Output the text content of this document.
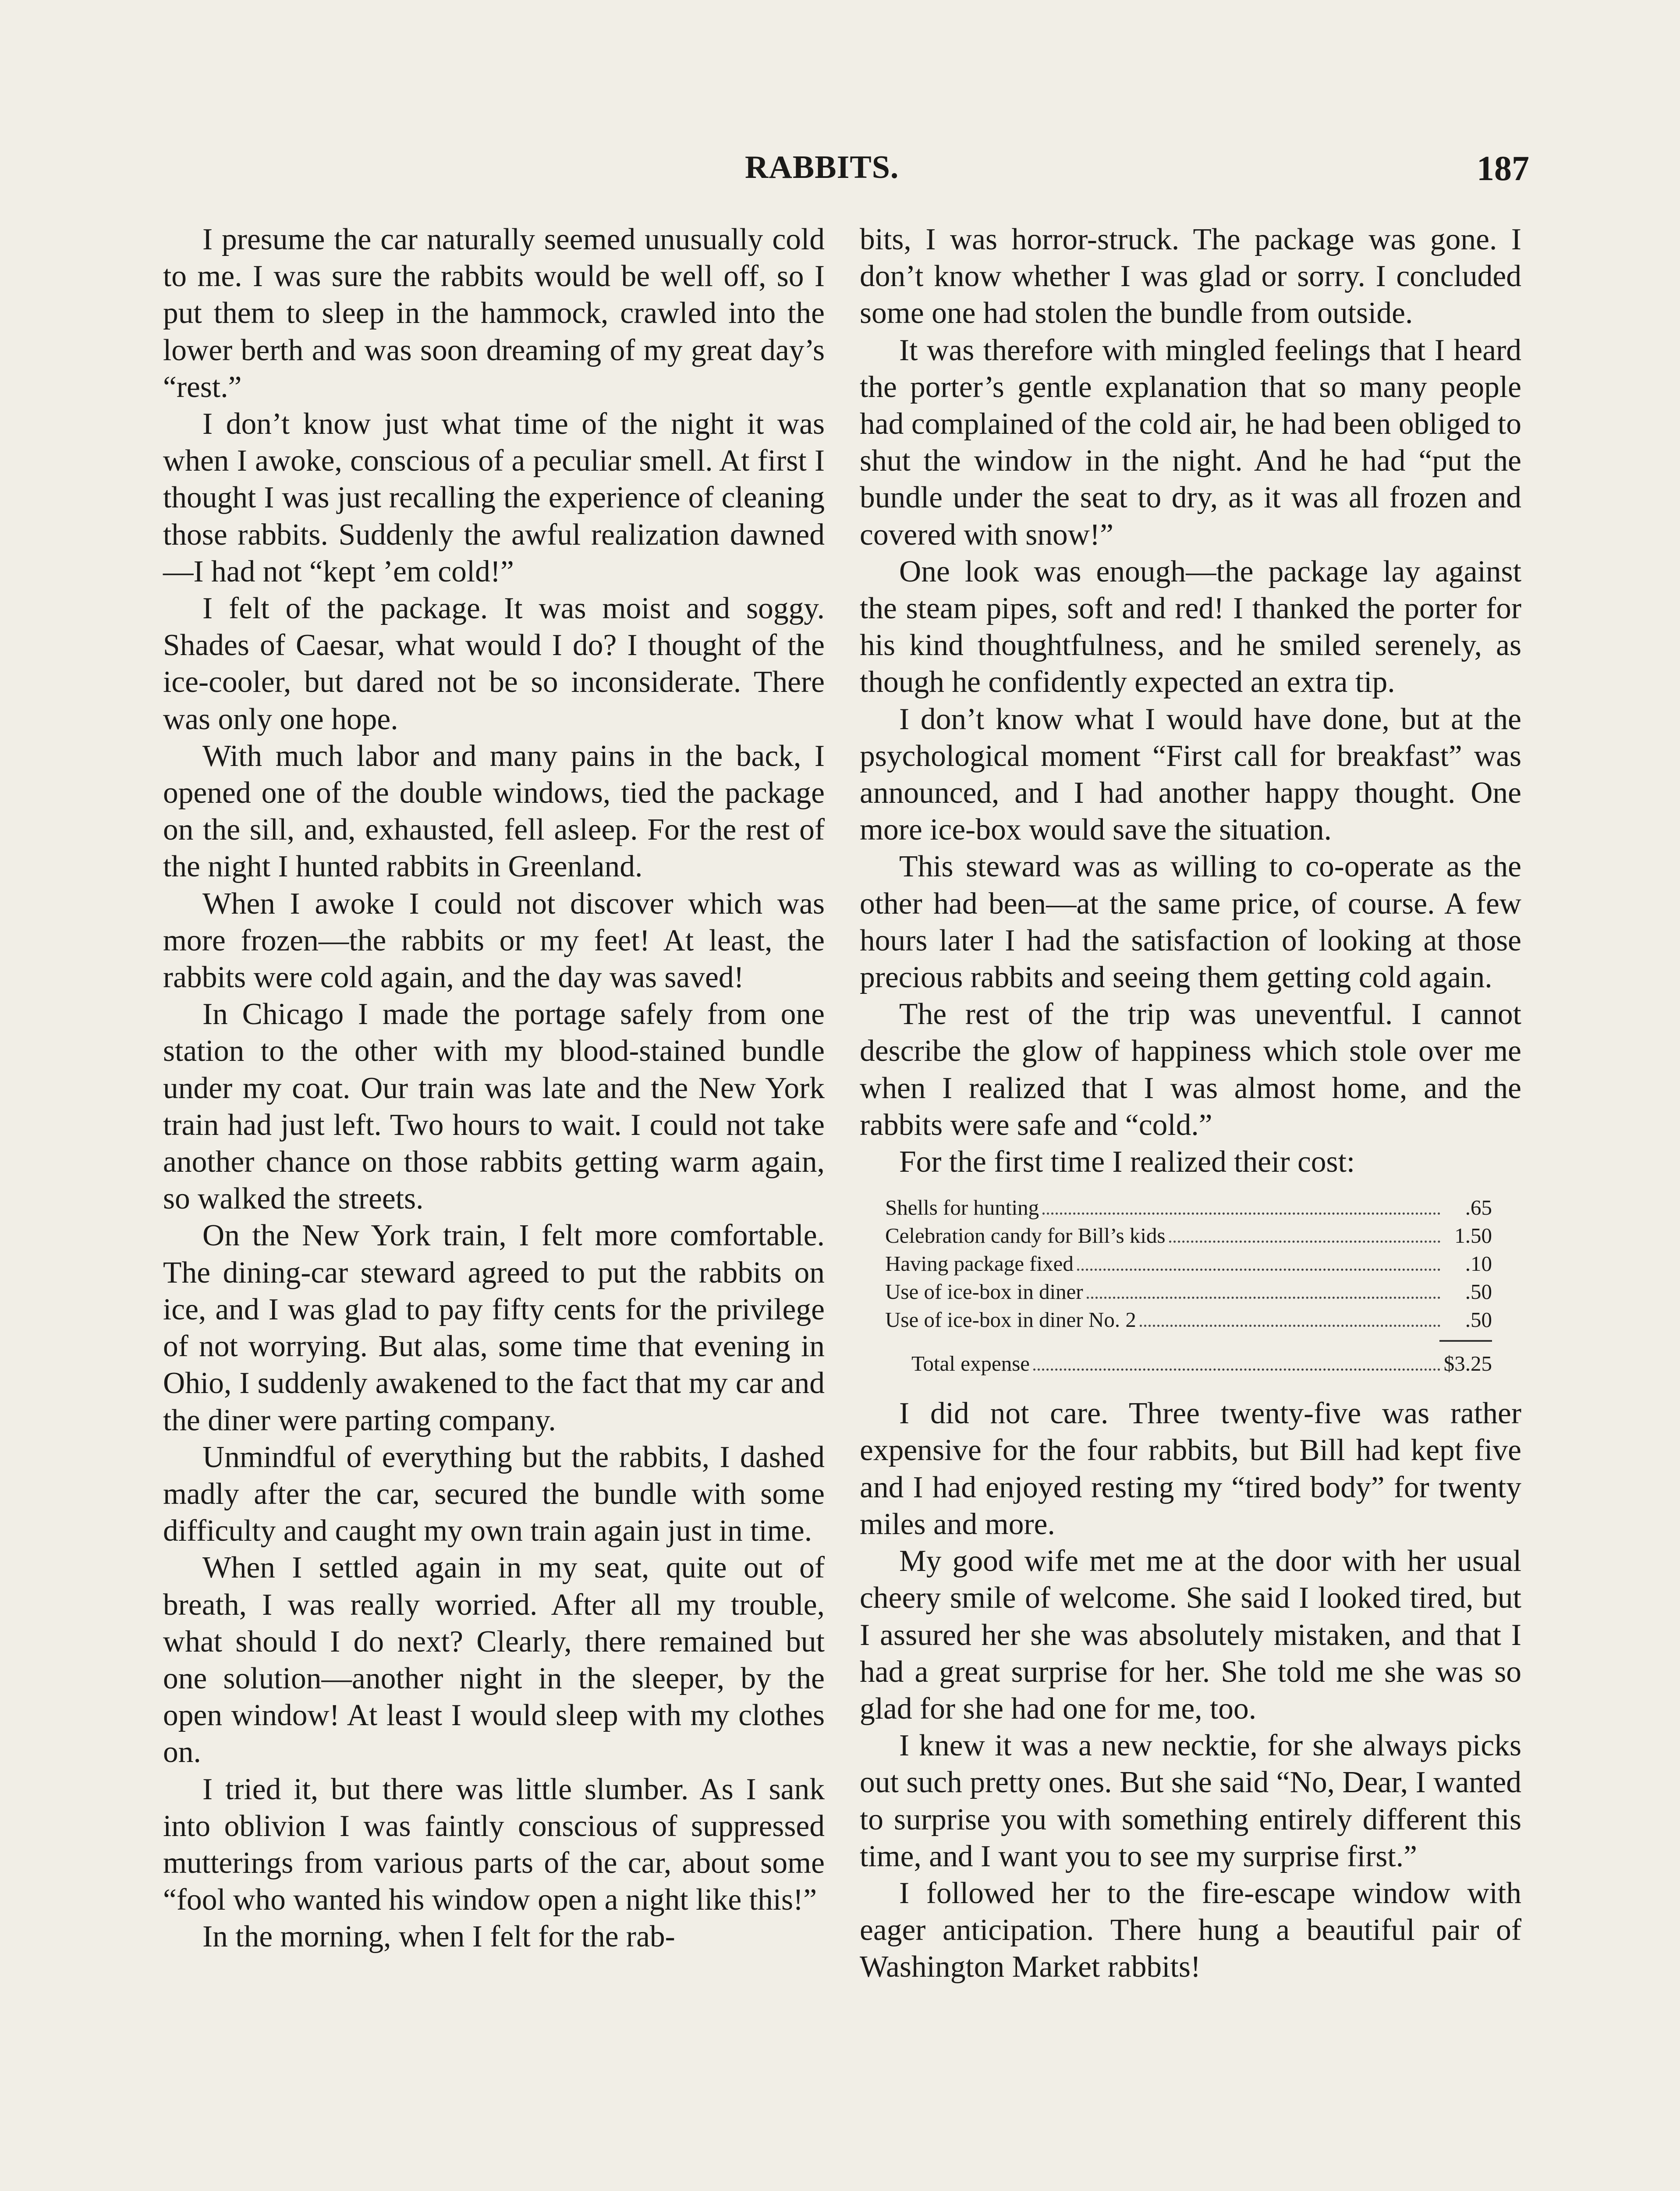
RABBITS.	187

I presume the car naturally seemed unusually cold to me. I was sure the rabbits would be well off, so I put them to sleep in the hammock, crawled into the lower berth and was soon dreaming of my great day’s “rest.”

I don’t know just what time of the night it was when I awoke, conscious of a peculiar smell. At first I thought I was just recalling the experience of cleaning those rabbits. Suddenly the awful realization dawned—I had not “kept ’em cold!”

I felt of the package. It was moist and soggy. Shades of Caesar, what would I do? I thought of the ice-cooler, but dared not be so inconsiderate. There was only one hope.

With much labor and many pains in the back, I opened one of the double windows, tied the package on the sill, and, exhausted, fell asleep. For the rest of the night I hunted rabbits in Greenland.

When I awoke I could not discover which was more frozen—the rabbits or my feet! At least, the rabbits were cold again, and the day was saved!

In Chicago I made the portage safely from one station to the other with my blood-stained bundle under my coat. Our train was late and the New York train had just left. Two hours to wait. I could not take another chance on those rabbits getting warm again, so walked the streets.

On the New York train, I felt more comfortable. The dining-car steward agreed to put the rabbits on ice, and I was glad to pay fifty cents for the privilege of not worrying. But alas, some time that evening in Ohio, I suddenly awakened to the fact that my car and the diner were parting company.

Unmindful of everything but the rabbits, I dashed madly after the car, secured the bundle with some difficulty and caught my own train again just in time.

When I settled again in my seat, quite out of breath, I was really worried. After all my trouble, what should I do next? Clearly, there remained but one solution—another night in the sleeper, by the open window! At least I would sleep with my clothes on.

I tried it, but there was little slumber. As I sank into oblivion I was faintly conscious of suppressed mutterings from various parts of the car, about some “fool who wanted his window open a night like this!”

In the morning, when I felt for the rab-

bits, I was horror-struck. The package was gone. I don’t know whether I was glad or sorry. I concluded some one had stolen the bundle from outside.

It was therefore with mingled feelings that I heard the porter’s gentle explanation that so many people had complained of the cold air, he had been obliged to shut the window in the night. And he had “put the bundle under the seat to dry, as it was all frozen and covered with snow!”

One look was enough—the package lay against the steam pipes, soft and red! I thanked the porter for his kind thoughtfulness, and he smiled serenely, as though he confidently expected an extra tip.

I don’t know what I would have done, but at the psychological moment “First call for breakfast” was announced, and I had another happy thought. One more ice-box would save the situation.

This steward was as willing to co-operate as the other had been—at the same price, of course. A few hours later I had the satisfaction of looking at those precious rabbits and seeing them getting cold again.

The rest of the trip was uneventful. I cannot describe the glow of happiness which stole over me when I realized that I was almost home, and the rabbits were safe and “cold.”

For the first time I realized their cost:

Shells for hunting	.65
Celebration candy for Bill’s kids	1.50
Having package fixed	.10
Use of ice-box in diner	.50
Use of ice-box in diner No. 2	.50
Total expense	$3.25

I did not care. Three twenty-five was rather expensive for the four rabbits, but Bill had kept five and I had enjoyed resting my “tired body” for twenty miles and more.

My good wife met me at the door with her usual cheery smile of welcome. She said I looked tired, but I assured her she was absolutely mistaken, and that I had a great surprise for her. She told me she was so glad for she had one for me, too.

I knew it was a new necktie, for she always picks out such pretty ones. But she said “No, Dear, I wanted to surprise you with something entirely different this time, and I want you to see my surprise first.”

I followed her to the fire-escape window with eager anticipation. There hung a beautiful pair of Washington Market rabbits!
